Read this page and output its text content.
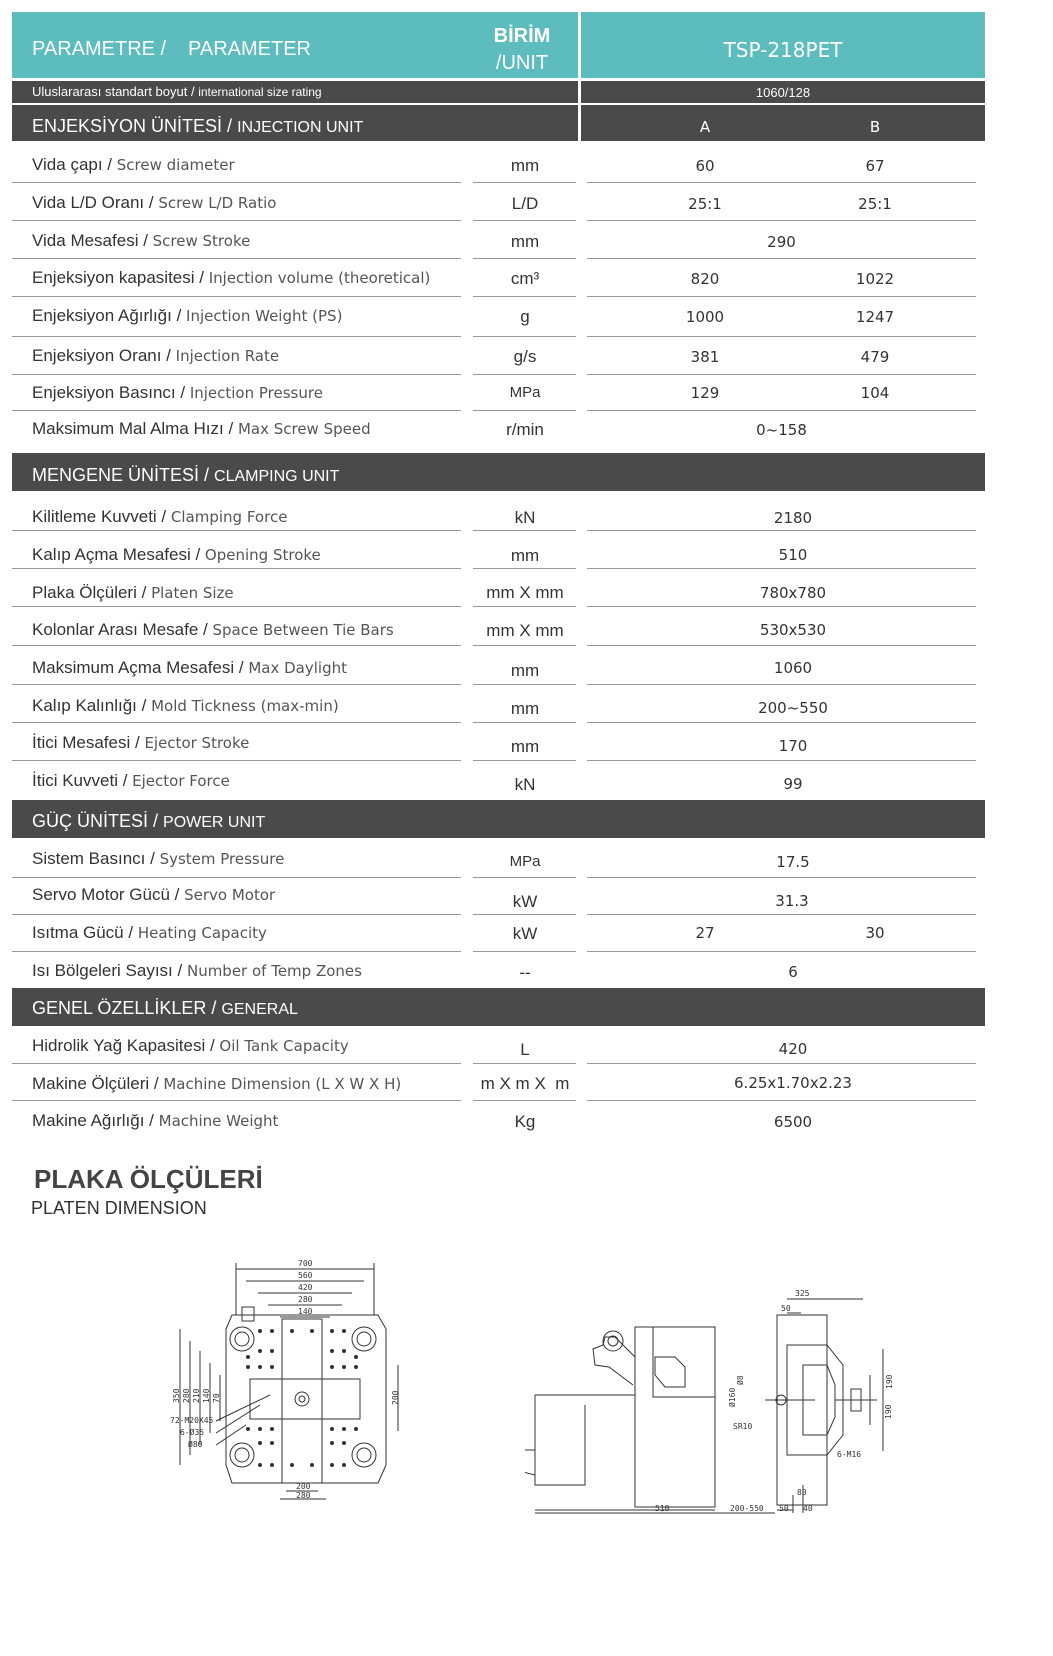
PARAMETRE / PARAMETER
BİRİM
/UNIT
TSP-218PET
Uluslararası standart boyut / international size rating	1060/128
ENJEKSİYON ÜNİTESİ / INJECTION UNIT	A	B
Vida çapı / Screw diameter	mm	60	67
Vida L/D Oranı / Screw L/D Ratio	L/D	25:1	25:1
Vida Mesafesi / Screw Stroke	mm	290
Enjeksiyon kapasitesi / Injection volume (theoretical)	cm³	820	1022
Enjeksiyon Ağırlığı / Injection Weight (PS)	g	1000	1247
Enjeksiyon Oranı / Injection Rate	g/s	381	479
Enjeksiyon Basıncı / Injection Pressure	MPa	129	104
Maksimum Mal Alma Hızı / Max Screw Speed	r/min	0~158
MENGENE ÜNİTESİ / CLAMPING UNIT
Kilitleme Kuvveti / Clamping Force	kN	2180
Kalıp Açma Mesafesi / Opening Stroke	mm	510
Plaka Ölçüleri / Platen Size	mm X mm	780x780
Kolonlar Arası Mesafe / Space Between Tie Bars	mm X mm	530x530
Maksimum Açma Mesafesi / Max Daylight	mm	1060
Kalıp Kalınlığı / Mold Tickness (max-min)	mm	200~550
İtici Mesafesi / Ejector Stroke	mm	170
İtici Kuvveti / Ejector Force	kN	99
GÜÇ ÜNİTESİ / POWER UNIT
Sistem Basıncı / System Pressure	MPa	17.5
Servo Motor Gücü / Servo Motor	kW	31.3
Isıtma Gücü / Heating Capacity	kW	27	30
Isı Bölgeleri Sayısı / Number of Temp Zones	--	6
GENEL ÖZELLİKLER / GENERAL
Hidrolik Yağ Kapasitesi / Oil Tank Capacity	L	420
Makine Ölçüleri / Machine Dimension (L X W X H)	m X m X  m	6.25x1.70x2.23
Makine Ağırlığı / Machine Weight	Kg	6500
PLAKA ÖLÇÜLERİ
PLATEN DIMENSION
700
560
420
280
140
350 280 210 140 70	200
200
280
72-M20X45
6-Ø35
Ø80
510	200-550 50 40
80
325
50
Ø8
Ø160
SR10
190
190
6-M16
